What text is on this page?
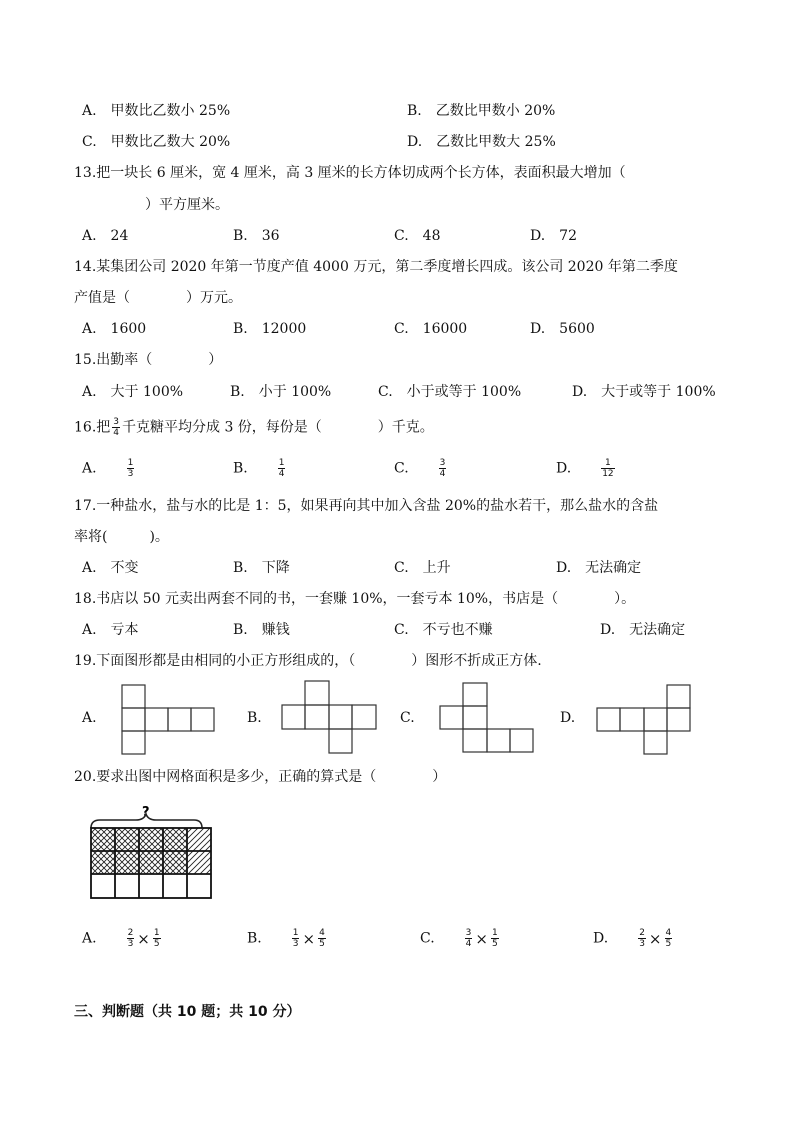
A.　甲数比乙数小 25%	B.　乙数比甲数小 20%
C.　甲数比乙数大 20%	D.　乙数比甲数大 25%
13.把一块长 6 厘米，宽 4 厘米，高 3 厘米的长方体切成两个长方体，表面积最大增加（
）平方厘米。
A.　24	B.　36	C.　48	D.　72
14.某集团公司 2020 年第一节度产值 4000 万元，第二季度增长四成。该公司 2020 年第二季度
产值是（　　　　）万元。
A.　1600	B.　12000	C.　16000	D.　5600
15.出勤率（　　　　）
A.　大于 100%	B.　小于 100%	C.　小于或等于 100%	D.　大于或等于 100%
16.把 $\frac{3}{4}$ 千克糖平均分成 3 份，每份是（　　　　）千克。
A.　　	$\frac{1}{3}$	B.　　	$\frac{1}{4}$	C.　　	$\frac{3}{4}$	D.　　	$\frac{1}{12}$
17.一种盐水，盐与水的比是 1：5，如果再向其中加入含盐 20%的盐水若干，那么盐水的含盐
率将(　　　)。
A.　不变	B.　下降	C.　上升	D.　无法确定
18.书店以 50 元卖出两套不同的书，一套赚 10%，一套亏本 10%，书店是（　　　　）。
A.　亏本	B.　赚钱	C.　不亏也不赚	D.　无法确定
19.下面图形都是由相同的小正方形组成的，（　　　　）图形不折成正方体.
A.	B.	C.	D.
20.要求出图中网格面积是多少，正确的算式是（　　　　）
?
A.　　	$\frac{2}{3} \times \frac{1}{5}$	B.　　	$\frac{1}{3} \times \frac{4}{5}$	C.　　	$\frac{3}{4} \times \frac{1}{5}$	D.　　	$\frac{2}{3} \times \frac{4}{5}$
三、判断题（共 10 题；共 10 分）
